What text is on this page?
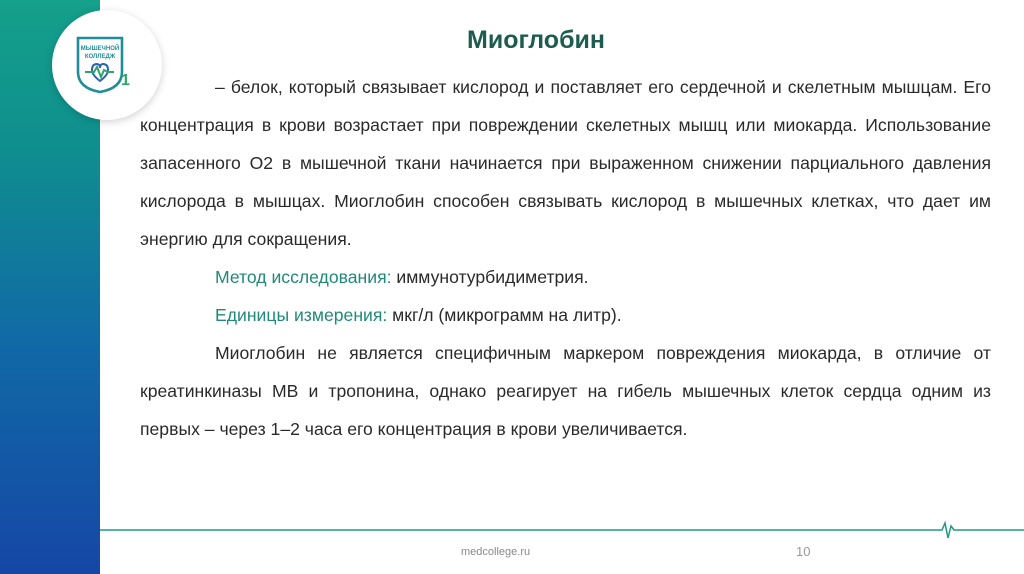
МЫШЕЧНОЙ
КОЛЛЕДЖ
1
Миоглобин

– белок, который связывает кислород и поставляет его сердечной и скелетным мышцам. Его концентрация в крови возрастает при повреждении скелетных мышц или миокарда. Использование запасенного О2 в мышечной ткани начинается при выраженном снижении парциального давления кислорода в мышцах. Миоглобин способен связывать кислород в мышечных клетках, что дает им энергию для сокращения.

Метод исследования: иммунотурбидиметрия.

Единицы измерения: мкг/л (микрограмм на литр).

Миоглобин не является специфичным маркером повреждения миокарда, в отличие от креатинкиназы МВ и тропонина, однако реагирует на гибель мышечных клеток сердца одним из первых – через 1–2 часа его концентрация в крови увеличивается.

medcollege.ru	10
